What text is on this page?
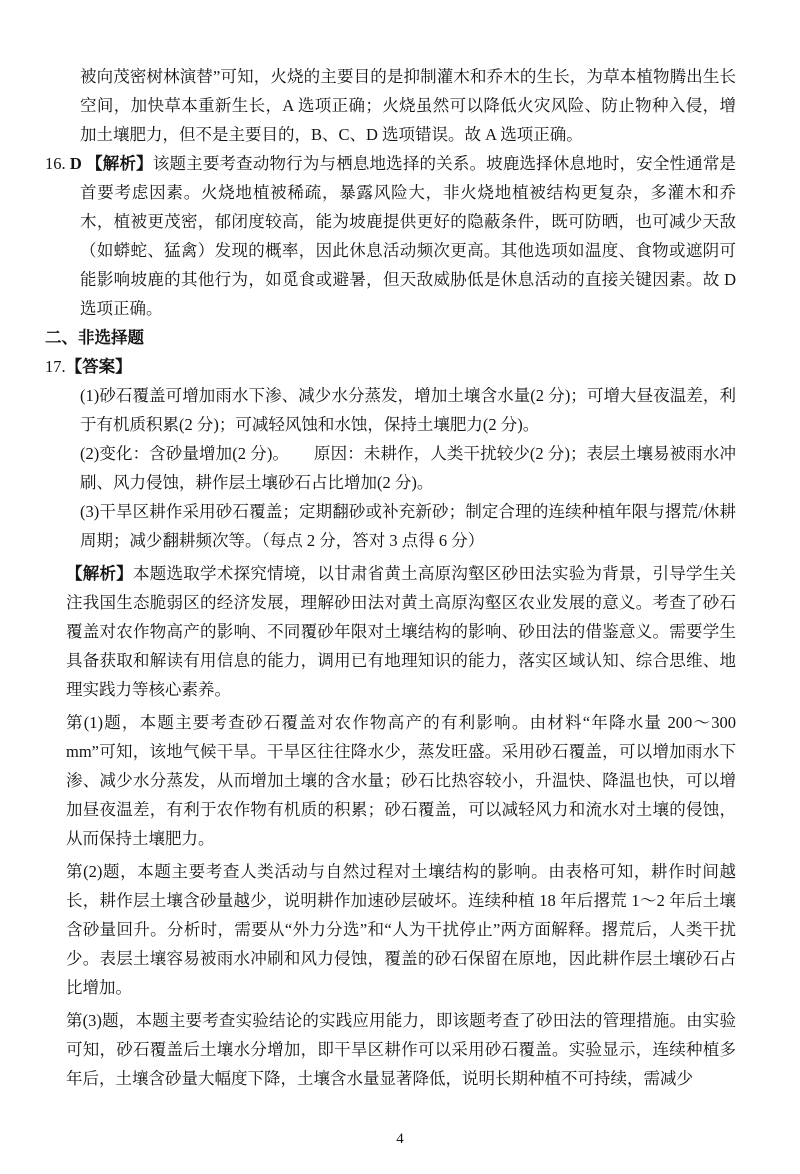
被向茂密树林演替”可知，火烧的主要目的是抑制灌木和乔木的生长，为草本植物腾出生长空间，加快草本重新生长，A 选项正确；火烧虽然可以降低火灾风险、防止物种入侵，增加土壤肥力，但不是主要目的，B、C、D 选项错误。故 A 选项正确。

16. D 【解析】该题主要考查动物行为与栖息地选择的关系。坡鹿选择休息地时，安全性通常是首要考虑因素。火烧地植被稀疏，暴露风险大，非火烧地植被结构更复杂，多灌木和乔木，植被更茂密，郁闭度较高，能为坡鹿提供更好的隐蔽条件，既可防晒，也可减少天敌（如蟒蛇、猛禽）发现的概率，因此休息活动频次更高。其他选项如温度、食物或遮阴可能影响坡鹿的其他行为，如觅食或避暑，但天敌威胁低是休息活动的直接关键因素。故 D 选项正确。

二、非选择题

17.【答案】

(1)砂石覆盖可增加雨水下渗、减少水分蒸发，增加土壤含水量(2 分)；可增大昼夜温差，利于有机质积累(2 分)；可减轻风蚀和水蚀，保持土壤肥力(2 分)。

(2)变化：含砂量增加(2 分)。　　原因：未耕作，人类干扰较少(2 分)；表层土壤易被雨水冲刷、风力侵蚀，耕作层土壤砂石占比增加(2 分)。

(3)干旱区耕作采用砂石覆盖；定期翻砂或补充新砂；制定合理的连续种植年限与撂荒/休耕周期；减少翻耕频次等。（每点 2 分，答对 3 点得 6 分）

【解析】本题选取学术探究情境，以甘肃省黄土高原沟壑区砂田法实验为背景，引导学生关注我国生态脆弱区的经济发展，理解砂田法对黄土高原沟壑区农业发展的意义。考查了砂石覆盖对农作物高产的影响、不同覆砂年限对土壤结构的影响、砂田法的借鉴意义。需要学生具备获取和解读有用信息的能力，调用已有地理知识的能力，落实区域认知、综合思维、地理实践力等核心素养。

第(1)题，本题主要考查砂石覆盖对农作物高产的有利影响。由材料“年降水量 200～300 mm”可知，该地气候干旱。干旱区往往降水少，蒸发旺盛。采用砂石覆盖，可以增加雨水下渗、减少水分蒸发，从而增加土壤的含水量；砂石比热容较小，升温快、降温也快，可以增加昼夜温差，有利于农作物有机质的积累；砂石覆盖，可以减轻风力和流水对土壤的侵蚀，从而保持土壤肥力。

第(2)题，本题主要考查人类活动与自然过程对土壤结构的影响。由表格可知，耕作时间越长，耕作层土壤含砂量越少，说明耕作加速砂层破坏。连续种植 18 年后撂荒 1～2 年后土壤含砂量回升。分析时，需要从“外力分选”和“人为干扰停止”两方面解释。撂荒后，人类干扰少。表层土壤容易被雨水冲刷和风力侵蚀，覆盖的砂石保留在原地，因此耕作层土壤砂石占比增加。

第(3)题，本题主要考查实验结论的实践应用能力，即该题考查了砂田法的管理措施。由实验可知，砂石覆盖后土壤水分增加，即干旱区耕作可以采用砂石覆盖。实验显示，连续种植多年后，土壤含砂量大幅度下降，土壤含水量显著降低，说明长期种植不可持续，需减少

4
